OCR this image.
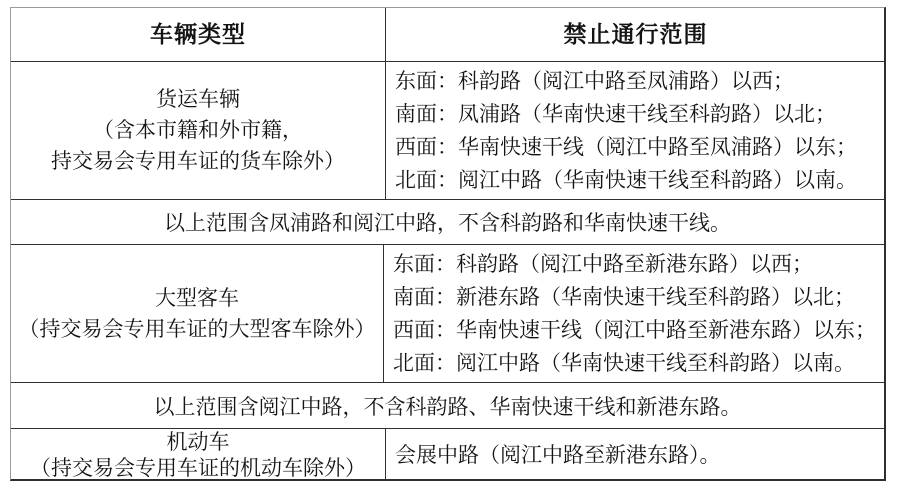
车辆类型	禁止通行范围
货运车辆
（含本市籍和外市籍，
持交易会专用车证的货车除外）
东面：科韵路（阅江中路至凤浦路）以西；
南面：凤浦路（华南快速干线至科韵路）以北；
西面：华南快速干线（阅江中路至凤浦路）以东；
北面：阅江中路（华南快速干线至科韵路）以南。
以上范围含凤浦路和阅江中路，不含科韵路和华南快速干线。
大型客车
（持交易会专用车证的大型客车除外）
东面：科韵路（阅江中路至新港东路）以西；
南面：新港东路（华南快速干线至科韵路）以北；
西面：华南快速干线（阅江中路至新港东路）以东；
北面：阅江中路（华南快速干线至科韵路）以南。
以上范围含阅江中路，不含科韵路、华南快速干线和新港东路。
机动车
（持交易会专用车证的机动车除外）
会展中路（阅江中路至新港东路）。
